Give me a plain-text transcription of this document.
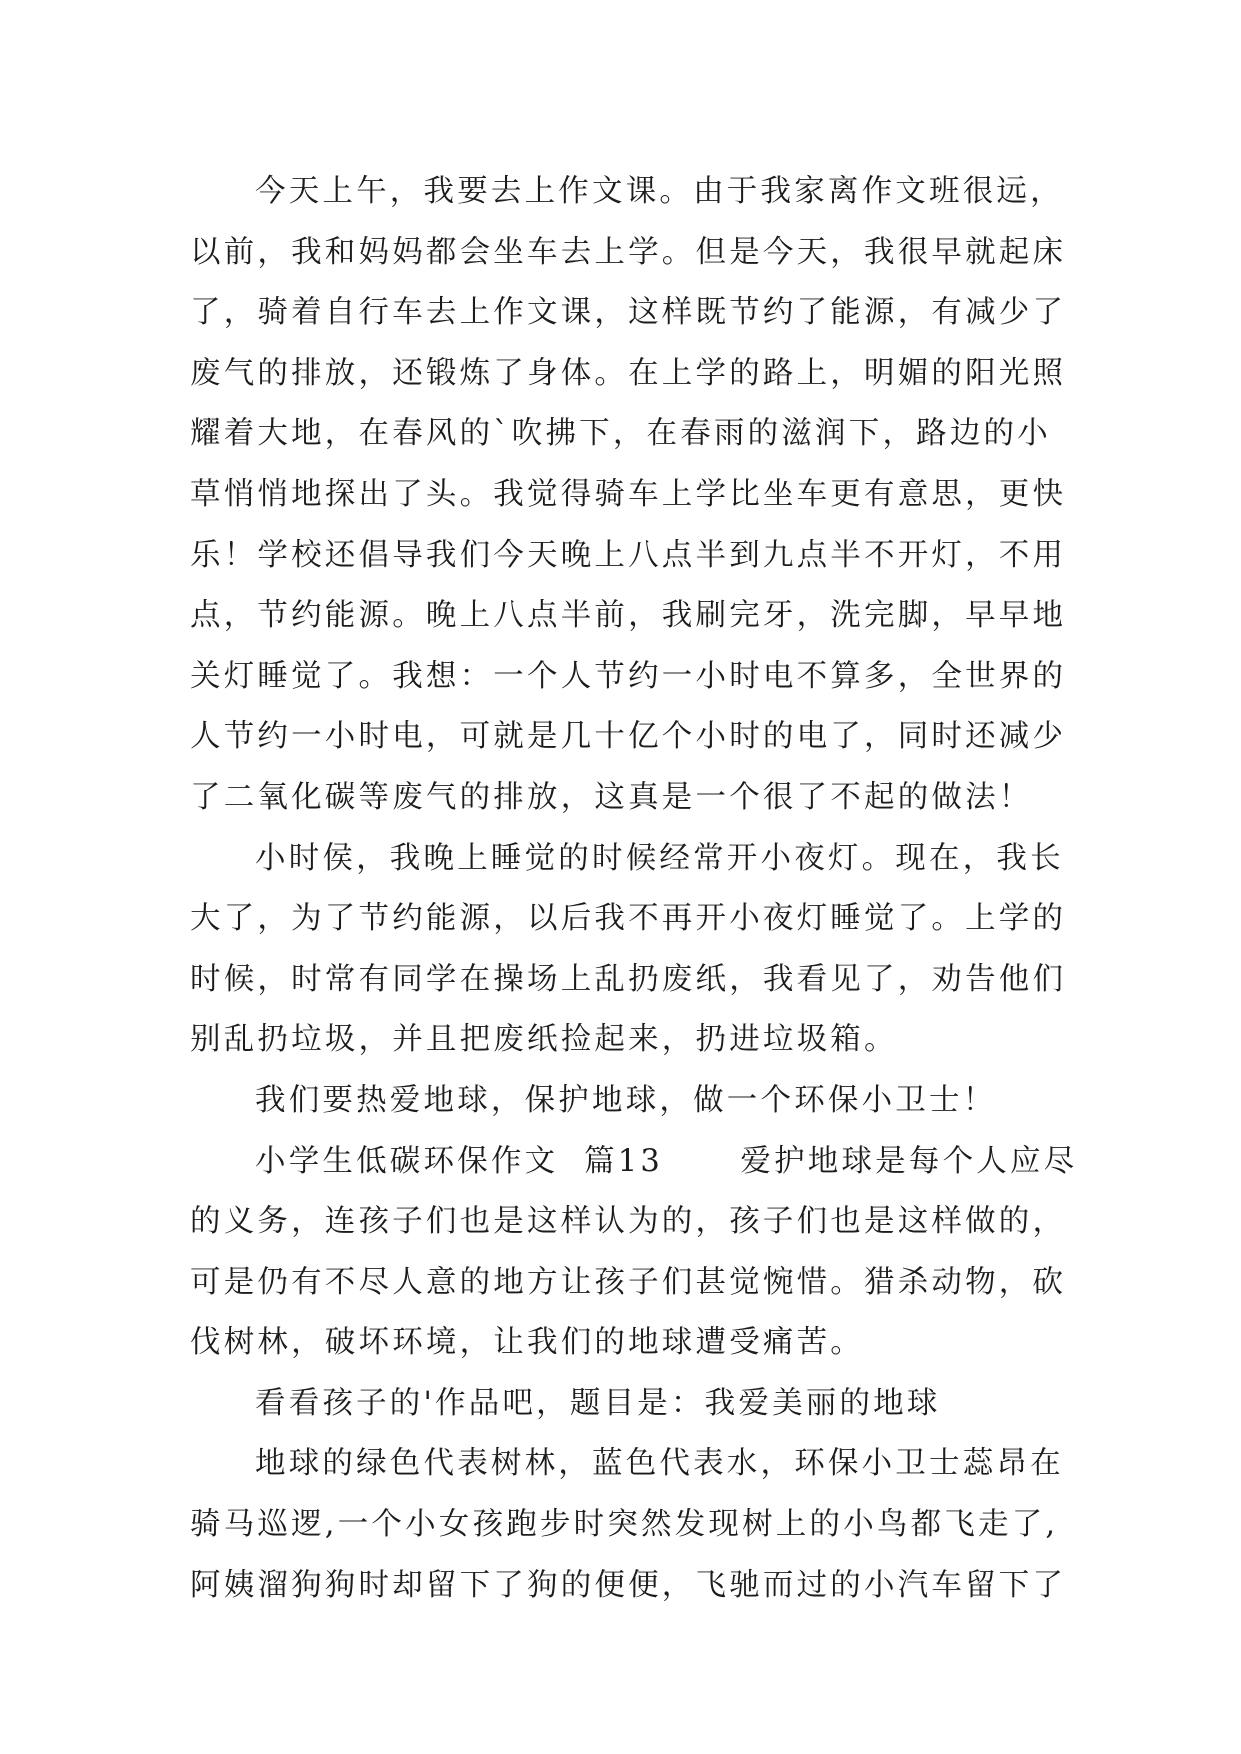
今天上午，我要去上作文课。由于我家离作文班很远，
以前，我和妈妈都会坐车去上学。但是今天，我很早就起床
了，骑着自行车去上作文课，这样既节约了能源，有减少了
废气的排放，还锻炼了身体。在上学的路上，明媚的阳光照
耀着大地，在春风的`吹拂下，在春雨的滋润下，路边的小
草悄悄地探出了头。我觉得骑车上学比坐车更有意思，更快
乐！学校还倡导我们今天晚上八点半到九点半不开灯，不用
点，节约能源。晚上八点半前，我刷完牙，洗完脚，早早地
关灯睡觉了。我想：一个人节约一小时电不算多，全世界的
人节约一小时电，可就是几十亿个小时的电了，同时还减少
了二氧化碳等废气的排放，这真是一个很了不起的做法！
小时侯，我晚上睡觉的时候经常开小夜灯。现在，我长
大了，为了节约能源，以后我不再开小夜灯睡觉了。上学的
时候，时常有同学在操场上乱扔废纸，我看见了，劝告他们
别乱扔垃圾，并且把废纸捡起来，扔进垃圾箱。
我们要热爱地球，保护地球，做一个环保小卫士！
小学生低碳环保作文  篇13      爱护地球是每个人应尽
的义务，连孩子们也是这样认为的，孩子们也是这样做的，
可是仍有不尽人意的地方让孩子们甚觉惋惜。猎杀动物，砍
伐树林，破坏环境，让我们的地球遭受痛苦。
看看孩子的'作品吧，题目是：我爱美丽的地球
地球的绿色代表树林，蓝色代表水，环保小卫士蕊昂在
骑马巡逻,一个小女孩跑步时突然发现树上的小鸟都飞走了,
阿姨溜狗狗时却留下了狗的便便，飞驰而过的小汽车留下了
